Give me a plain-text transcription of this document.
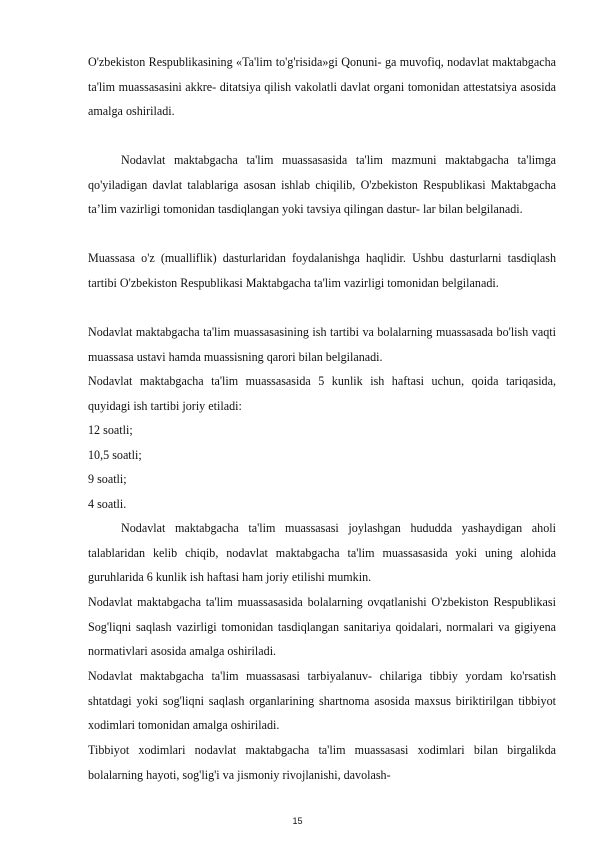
O'zbekiston Respublikasining «Ta'lim to'g'risida»gi Qonuni- ga muvofiq, nodavlat maktabgacha ta'lim muassasasini akkre- ditatsiya qilish vakolatli davlat organi tomonidan attestatsiya asosida amalga oshiriladi.

Nodavlat maktabgacha ta'lim muassasasida ta'lim mazmuni maktabgacha ta'limga qo'yiladigan davlat talablariga asosan ishlab chiqilib, O'zbekiston Respublikasi Maktabgacha ta’lim vazirligi tomonidan tasdiqlangan yoki tavsiya qilingan dastur- lar bilan belgilanadi.

Muassasa o'z (mualliflik) dasturlaridan foydalanishga haqlidir. Ushbu dasturlarni tasdiqlash tartibi O'zbekiston Respublikasi Maktabgacha ta'lim vazirligi tomonidan belgilanadi.

Nodavlat maktabgacha ta'lim muassasasining ish tartibi va bolalarning muassasada bo'lish vaqti muassasa ustavi hamda muassisning qarori bilan belgilanadi.

Nodavlat maktabgacha ta'lim muassasasida 5 kunlik ish haftasi uchun, qoida tariqasida, quyidagi ish tartibi joriy etiladi:

12 soatli;

10,5 soatli;

9 soatli;

4 soatli.

Nodavlat maktabgacha ta'lim muassasasi joylashgan hududda yashaydigan aholi talablaridan kelib chiqib, nodavlat maktabgacha ta'lim muassasasida yoki uning alohida guruhlarida 6 kunlik ish haftasi ham joriy etilishi mumkin.

Nodavlat maktabgacha ta'lim muassasasida bolalarning ovqatlanishi O'zbekiston Respublikasi Sog'liqni saqlash vazirligi tomonidan tasdiqlangan sanitariya qoidalari, normalari va gigiyena normativlari asosida amalga oshiriladi.

Nodavlat maktabgacha ta'lim muassasasi tarbiyalanuv- chilariga tibbiy yordam ko'rsatish shtatdagi yoki sog'liqni saqlash organlarining shartnoma asosida maxsus biriktirilgan tibbiyot xodimlari tomonidan amalga oshiriladi.

Tibbiyot xodimlari nodavlat maktabgacha ta'lim muassasasi xodimlari bilan birgalikda bolalarning hayoti, sog'lig'i va jismoniy rivojlanishi, davolash-

15
